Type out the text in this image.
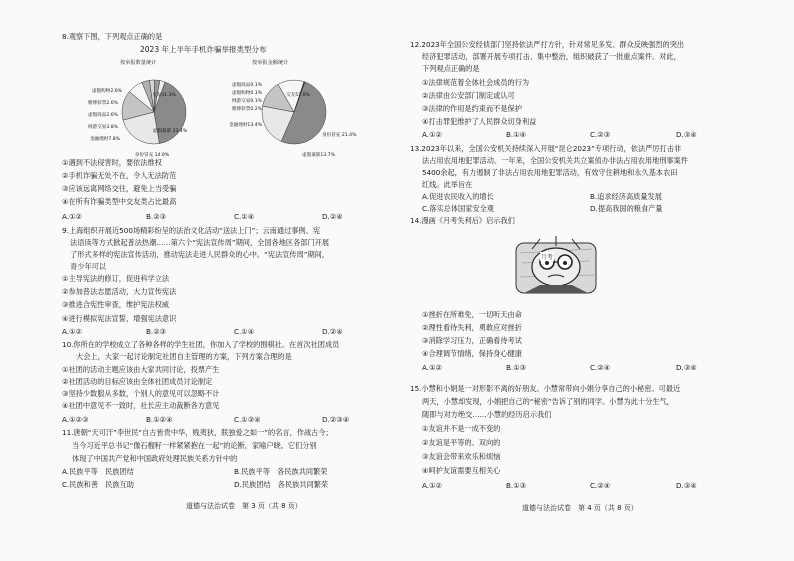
8.观察下图，下列观点正确的是
2023 年上半年手机诈骗举报类型分布
按举报数量统计	按举报金额统计
交友41.3%
虚假兼职 23.4%
身份冒充 14.9%
金融理财7.8%
网游交易3.8%
虚假商品2.6%
赌博彩票2.6%
虚假购物2.6%
交友51.0%
身份冒充 21.4%
虚假兼职13.7%
金融理财13.4%
赌博彩票0.2%
网游交易0.1%
虚假购物0.1%
虚假商品0.1%
①遇到不法侵害时，要依法维权
②手机诈骗无处不在，令人无法防范
③应该远离网络交往，避免上当受骗
④在所有诈骗类型中交友类占比最高
A.①②	B.②③	C.①④	D.②④
9.上海组织开展近500场精彩纷呈的法治文化活动“送法上门”；云南通过事例、宪
法语读等方式掀起普法热潮……第六个“宪法宣传周”期间，全国各地区各部门开展
了形式多样的宪法宣传活动，推动宪法走进人民群众的心中。“宪法宣传周”期间，
青少年可以
①主导宪法的修订，促进科学立法
②参加普法志愿活动，大力宣传宪法
③推进合宪性审查，维护宪法权威
④进行模拟宪法宣誓，增强宪法意识
A.①②	B.②③	C.①④	D.②④
10.你所在的学校成立了各种各样的学生社团，你加入了学校的围棋社。在首次社团成员
大会上，大家一起讨论制定社团自主管理的方案，下列方案合理的是
①社团的活动主题应该由大家共同讨论，投票产生
②社团活动的目标应该由全体社团成员讨论制定
③坚持少数服从多数，个别人的意见可以忽略不计
④社团中意见不一致时，社长应主动裁断各方意见
A.①②③	B.①②④	C.①③④	D.②③④
11.唐朝“天可汗”李世民“自古皆贵中华，贱夷狄，朕独爱之如一”的名言，作战古今；
当今习近平总书记“像石榴籽一样紧紧抱在一起”的论断，家喻户晓。它们分别
体现了中国共产党和中国政府处理民族关系方针中的
A.民族平等　民族团结	B.民族平等　各民族共同繁荣
C.民族和善　民族互助	D.民族团结　各民族共同繁荣
道德与法治试卷　第 3 页（共 8 页）
12.2023年全国公安经侦部门坚持依法严打方针，针对常见多发、群众反映强烈的突出
经济犯罪活动，部署开展专项打击、集中整治，组织破获了一批重点案件。对此，
下列观点正确的是
①法律规范着全体社会成员的行为
②法律由公安部门制定或认可
③法律的作用是约束而不是保护
④打击罪犯维护了人民群众切身利益
A.①②	B.①④	C.②③	D.③④
13.2023年以来，全国公安机关持续深入开展“昆仑2023”专项行动，依法严厉打击非
法占用农用地犯罪活动。一年来，全国公安机关共立案侦办非法占用农用地刑事案件
5400余起，有力遏制了非法占用农用地犯罪活动，有效守住耕地和永久基本农田
红线。此举旨在
A.促进农民收入的增长	B.追求经济高质量发展
C.落实总体国家安全观	D.提高我国的粮食产量
14.漫画《月考失利后》启示我们
月考
①挫折在所难免，一切听天由命
②理性看待失利，勇敢应对挫折
③消除学习压力，正确看待考试
④合理调节情绪，保持身心健康
A.①②	B.①③	C.②④	D.③④
15.小慧和小娟是一对形影不离的好朋友。小慧常带向小娟分享自己的小秘密。可最近
两天，小慧却发现，小娟把自己的“秘密”告诉了别的同学。小慧为此十分生气，
随即与对方绝交……小慧的经历启示我们
①友谊并不是一成不变的
②友谊是平等的、双向的
③友谊会带来欢乐和烦恼
④呵护友谊需要互相关心
A.①②	B.①③	C.②④	D.③④
道德与法治试卷　第 4 页（共 8 页）
